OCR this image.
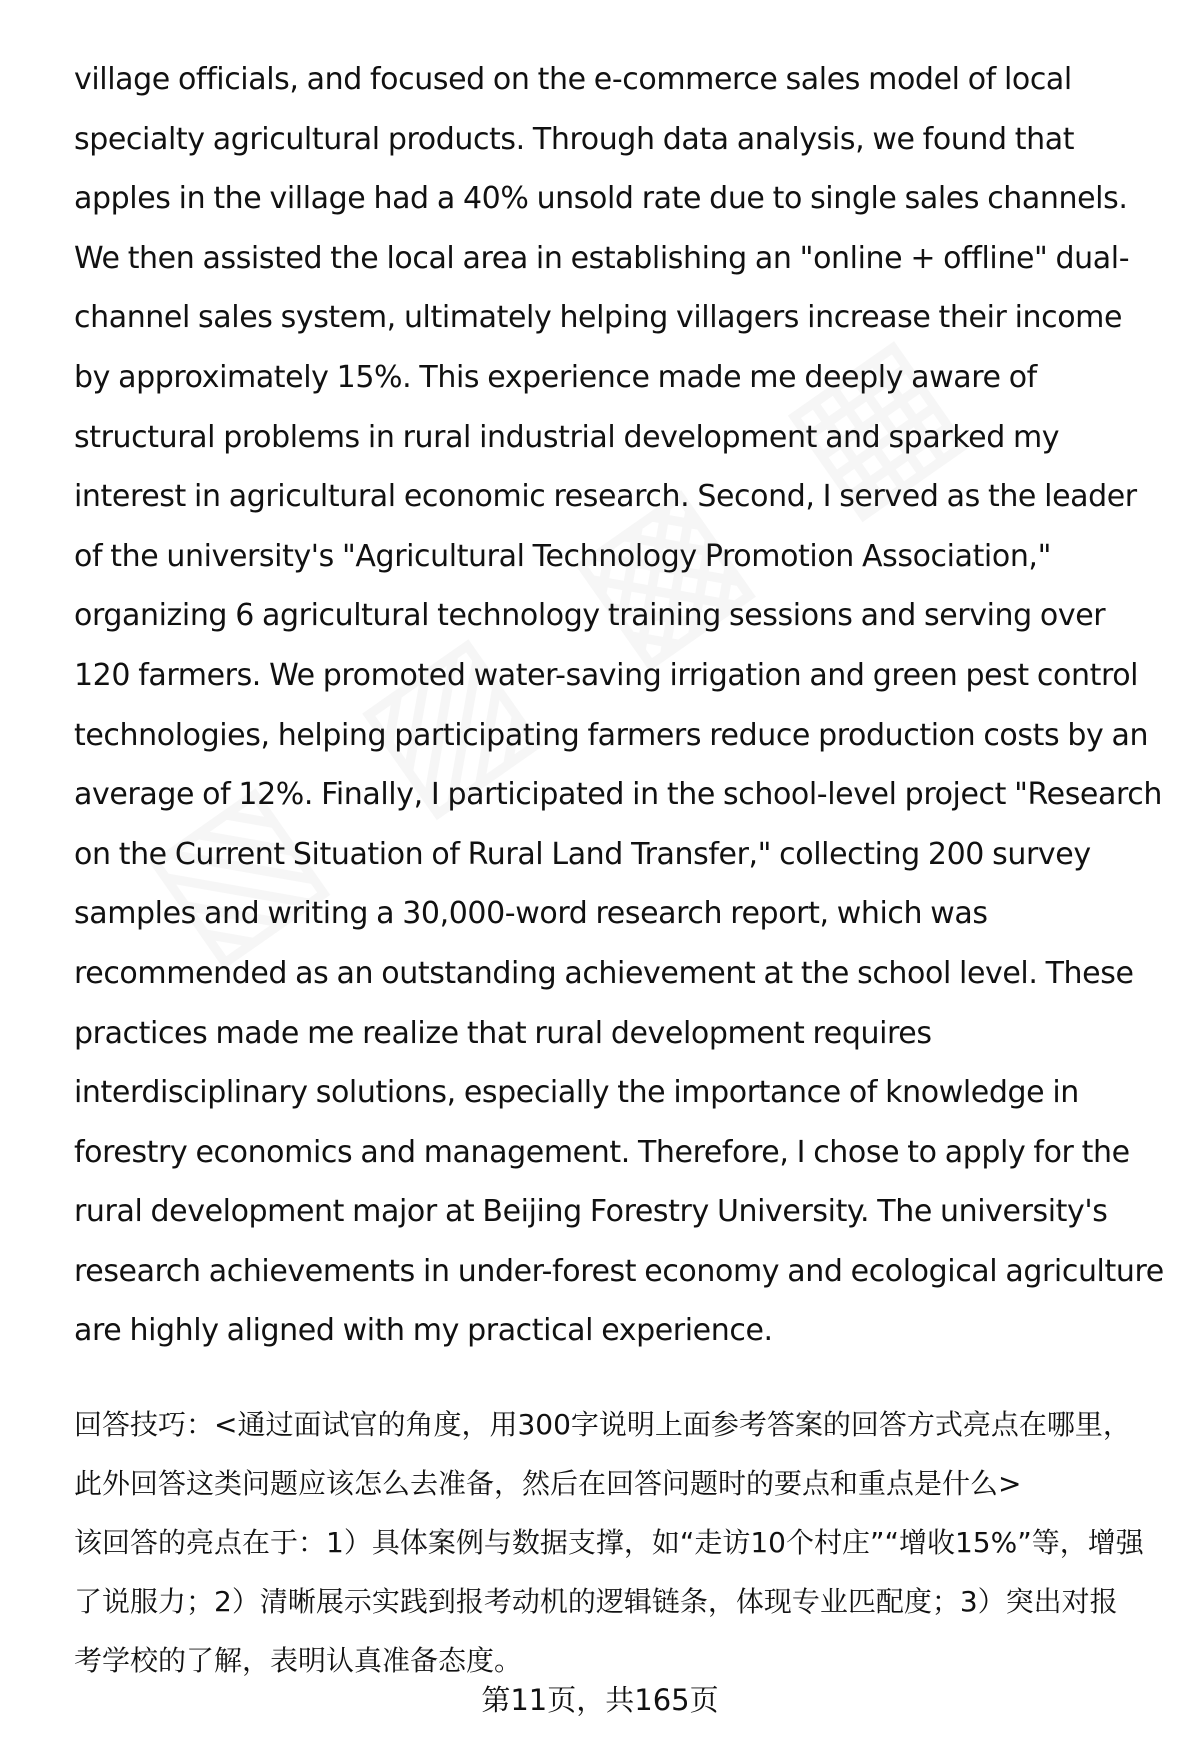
village officials, and focused on the e-commerce sales model of local specialty agricultural products. Through data analysis, we found that apples in the village had a 40% unsold rate due to single sales channels. We then assisted the local area in establishing an "online + offline" dual-channel sales system, ultimately helping villagers increase their income by approximately 15%. This experience made me deeply aware of structural problems in rural industrial development and sparked my interest in agricultural economic research. Second, I served as the leader of the university's "Agricultural Technology Promotion Association," organizing 6 agricultural technology training sessions and serving over 120 farmers. We promoted water-saving irrigation and green pest control technologies, helping participating farmers reduce production costs by an average of 12%. Finally, I participated in the school-level project "Research on the Current Situation of Rural Land Transfer," collecting 200 survey samples and writing a 30,000-word research report, which was recommended as an outstanding achievement at the school level. These practices made me realize that rural development requires interdisciplinary solutions, especially the importance of knowledge in forestry economics and management. Therefore, I chose to apply for the rural development major at Beijing Forestry University. The university's research achievements in under-forest economy and ecological agriculture are highly aligned with my practical experience.

回答技巧：<通过面试官的角度，用300字说明上面参考答案的回答方式亮点在哪里，此外回答这类问题应该怎么去准备，然后在回答问题时的要点和重点是什么>
该回答的亮点在于：1）具体案例与数据支撑，如“走访10个村庄”“增收15%”等，增强了说服力；2）清晰展示实践到报考动机的逻辑链条，体现专业匹配度；3）突出对报考学校的了解，表明认真准备态度。
第11页，共165页
